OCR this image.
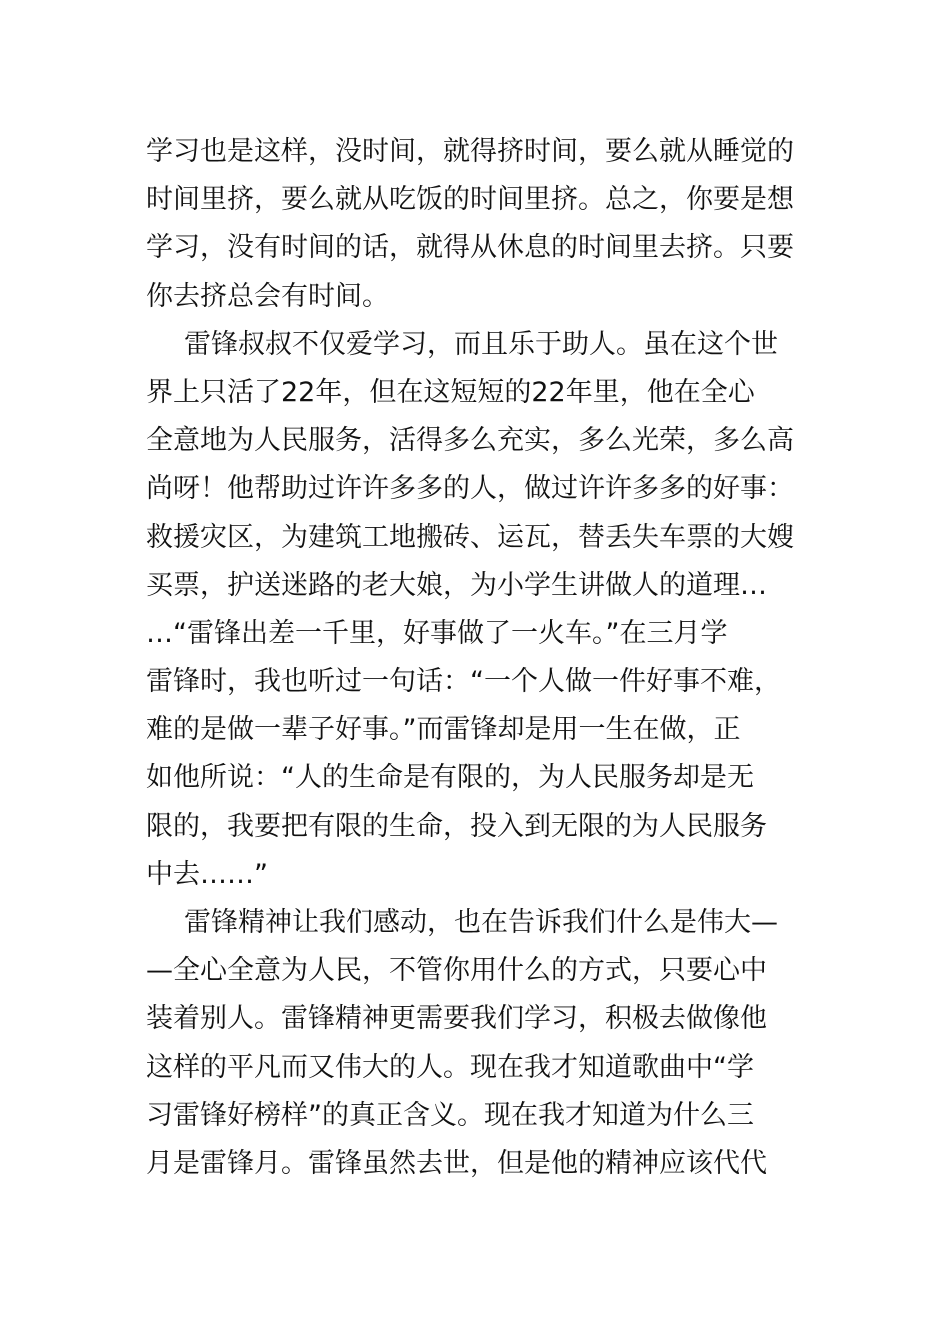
学习也是这样，没时间，就得挤时间，要么就从睡觉的
时间里挤，要么就从吃饭的时间里挤。总之，你要是想
学习，没有时间的话，就得从休息的时间里去挤。只要
你去挤总会有时间。
雷锋叔叔不仅爱学习，而且乐于助人。虽在这个世
界上只活了22年，但在这短短的22年里，他在全心
全意地为人民服务，活得多么充实，多么光荣，多么高
尚呀！他帮助过许许多多的人，做过许许多多的好事：
救援灾区，为建筑工地搬砖、运瓦，替丢失车票的大嫂
买票，护送迷路的老大娘，为小学生讲做人的道理…
…“雷锋出差一千里，好事做了一火车。”在三月学
雷锋时，我也听过一句话：“一个人做一件好事不难，
难的是做一辈子好事。”而雷锋却是用一生在做，正
如他所说：“人的生命是有限的，为人民服务却是无
限的，我要把有限的生命，投入到无限的为人民服务
中去……”
雷锋精神让我们感动，也在告诉我们什么是伟大—
—全心全意为人民，不管你用什么的方式，只要心中
装着别人。雷锋精神更需要我们学习，积极去做像他
这样的平凡而又伟大的人。现在我才知道歌曲中“学
习雷锋好榜样”的真正含义。现在我才知道为什么三
月是雷锋月。雷锋虽然去世，但是他的精神应该代代
